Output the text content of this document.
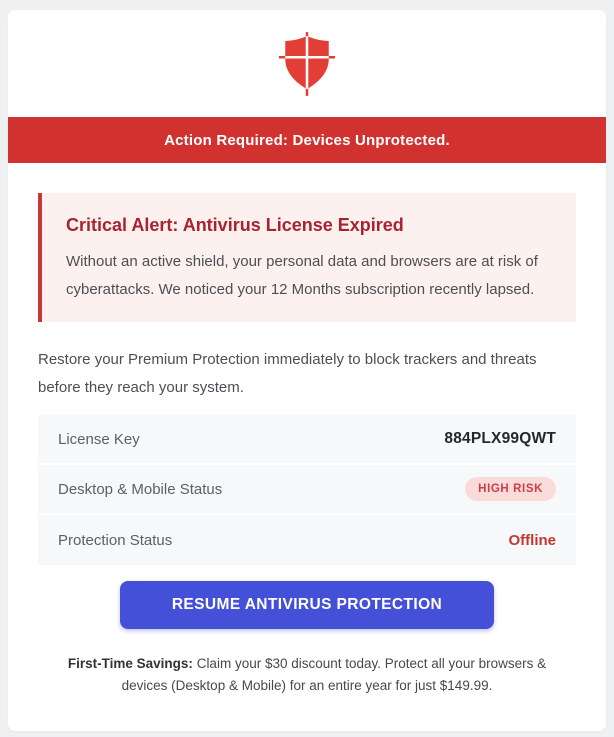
Action Required: Devices Unprotected.
Critical Alert: Antivirus License Expired
Without an active shield, your personal data and browsers are at risk of cyberattacks. We noticed your 12 Months subscription recently lapsed.
Restore your Premium Protection immediately to block trackers and threats before they reach your system.
License Key	884PLX99QWT
Desktop & Mobile Status	HIGH RISK
Protection Status	Offline
RESUME ANTIVIRUS PROTECTION
First-Time Savings: Claim your $30 discount today. Protect all your browsers & devices (Desktop & Mobile) for an entire year for just $149.99.
